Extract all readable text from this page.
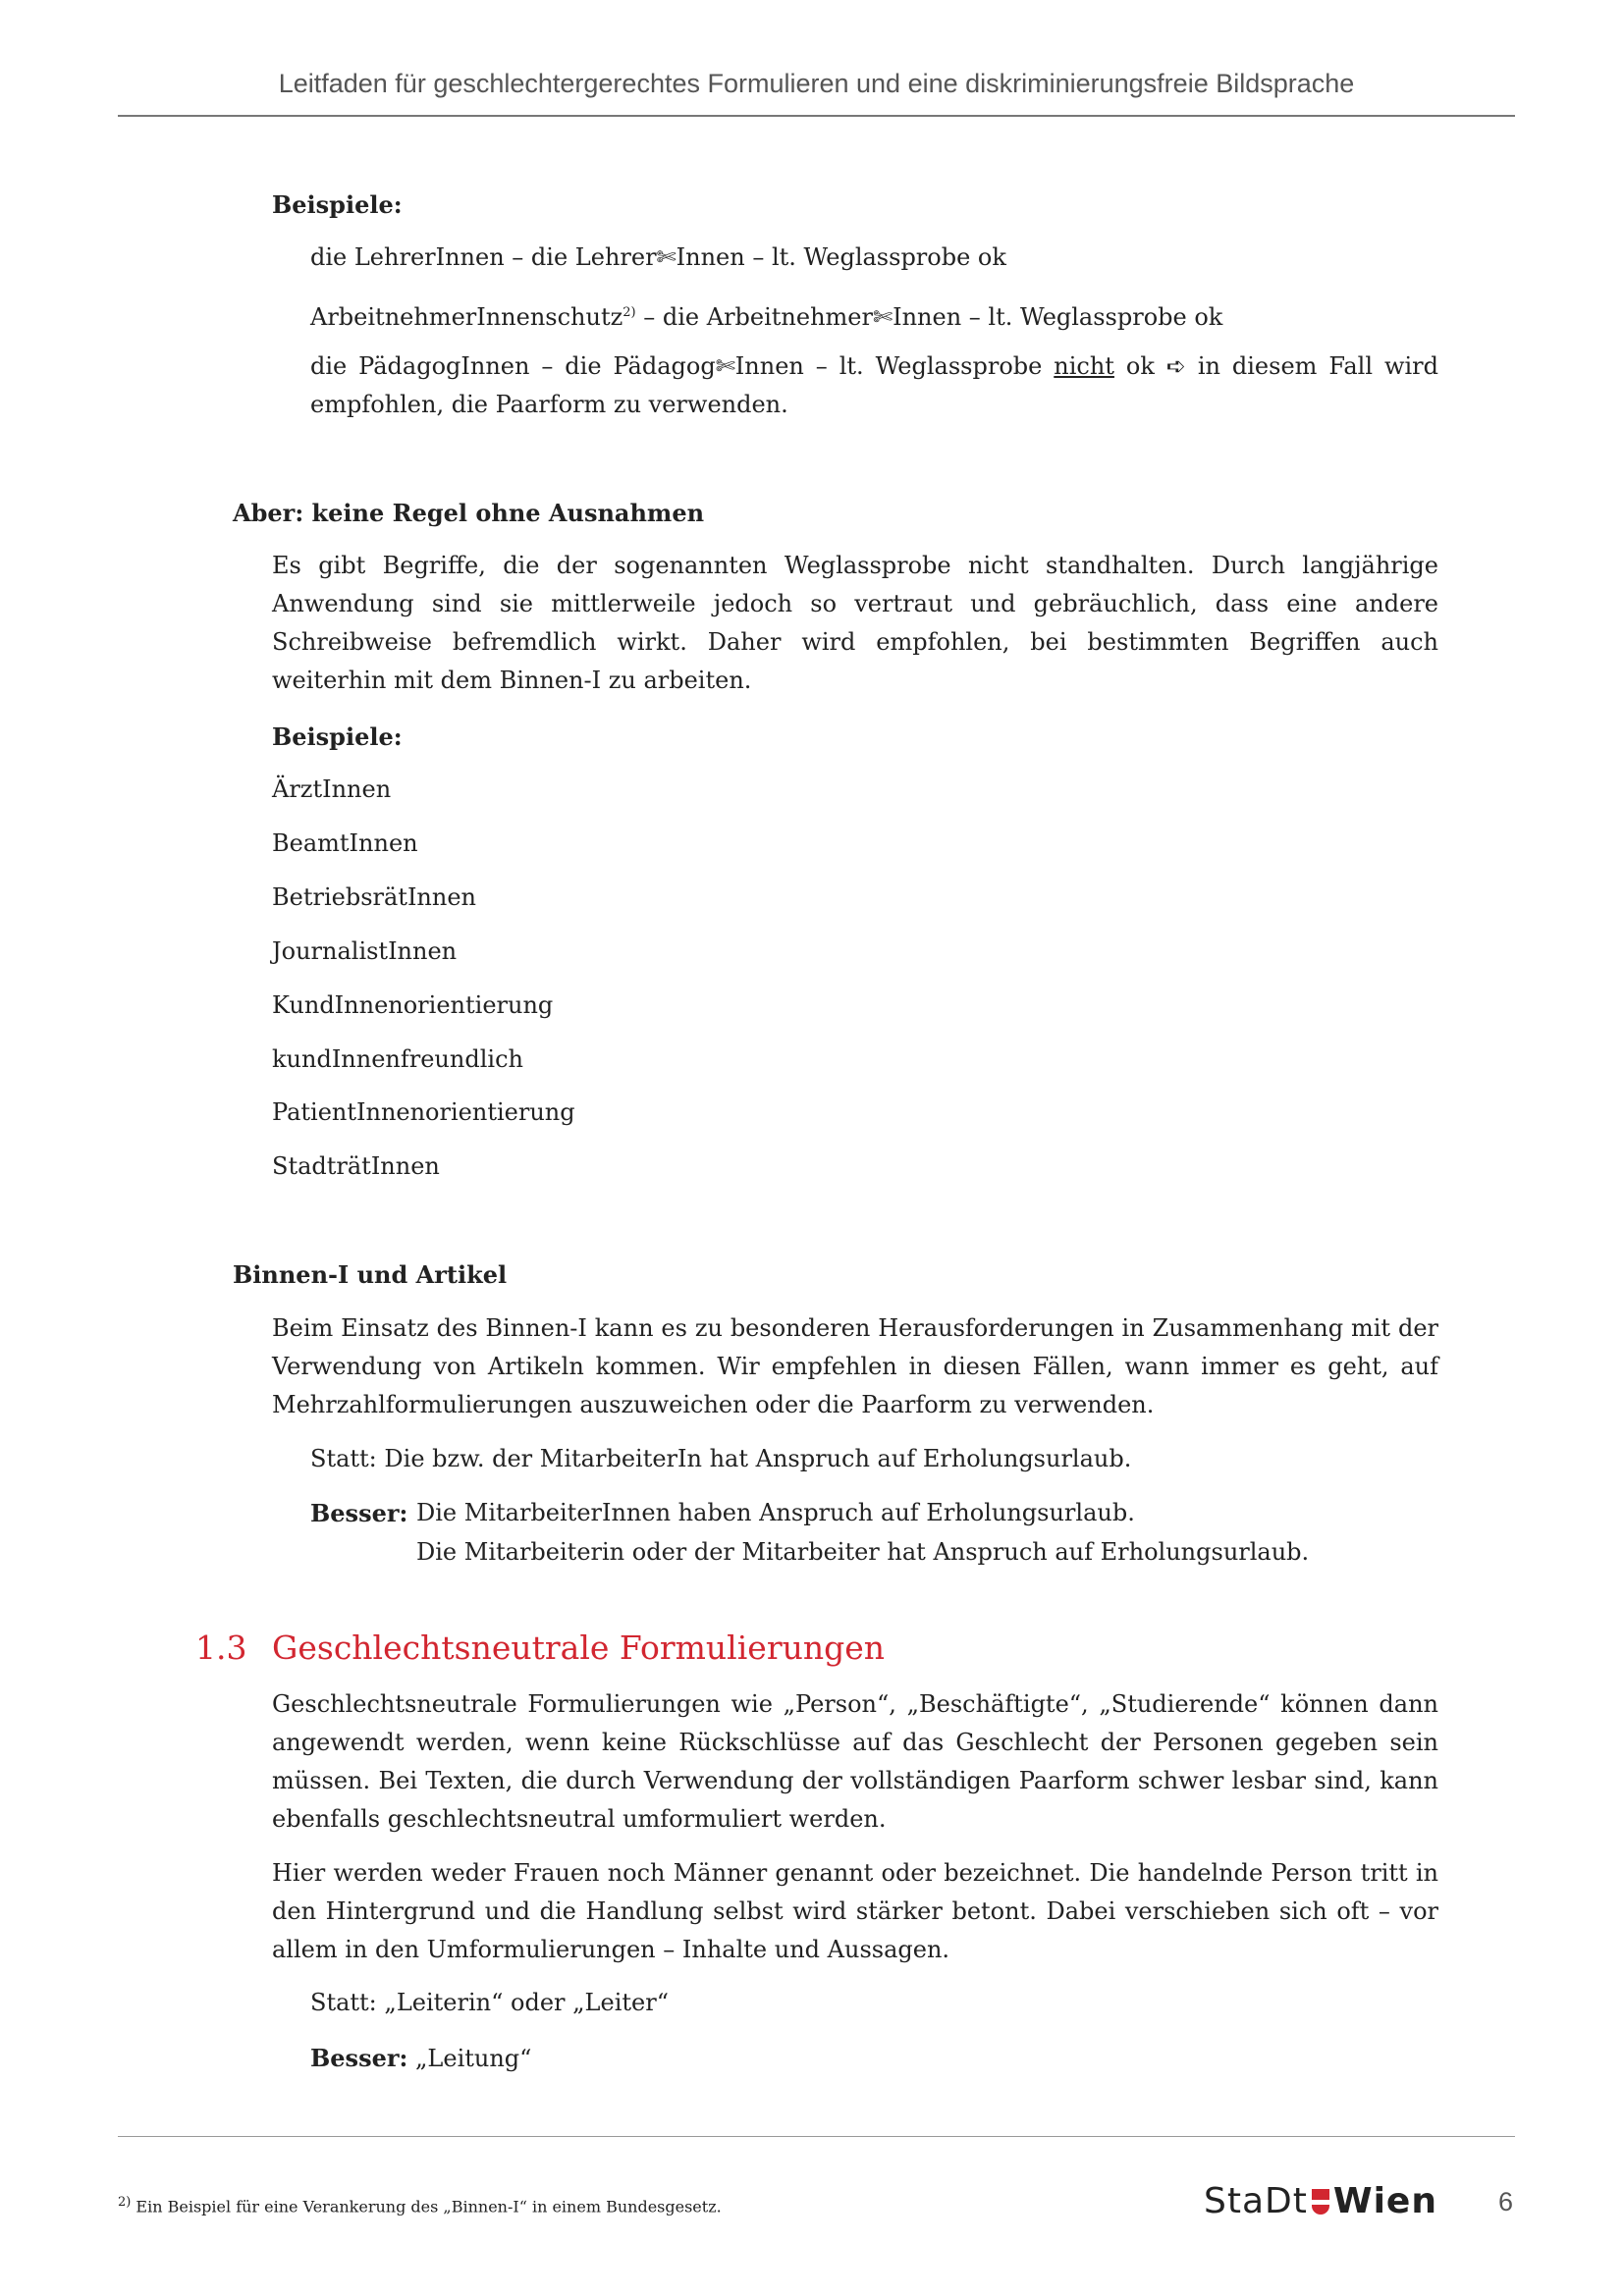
Leitfaden für geschlechtergerechtes Formulieren und eine diskriminierungsfreie Bildsprache
Beispiele:
die LehrerInnen – die Lehrer✄Innen – lt. Weglassprobe ok
ArbeitnehmerInnenschutz$^{2)}$ – die Arbeitnehmer✄Innen – lt. Weglassprobe ok
die PädagogInnen – die Pädagog✄Innen – lt. Weglassprobe nicht ok ➪ in diesem Fall wird empfohlen, die Paarform zu verwenden.
Aber: keine Regel ohne Ausnahmen
Es gibt Begriffe, die der sogenannten Weglassprobe nicht standhalten. Durch langjährige Anwendung sind sie mittlerweile jedoch so vertraut und gebräuchlich, dass eine andere Schreibweise befremdlich wirkt. Daher wird empfohlen, bei bestimmten Begriffen auch weiterhin mit dem Binnen-I zu arbeiten.
Beispiele:
ÄrztInnen
BeamtInnen
BetriebsrätInnen
JournalistInnen
KundInnenorientierung
kundInnenfreundlich
PatientInnenorientierung
StadträtInnen
Binnen-I und Artikel
Beim Einsatz des Binnen-I kann es zu besonderen Herausforderungen in Zusammenhang mit der Verwendung von Artikeln kommen. Wir empfehlen in diesen Fällen, wann immer es geht, auf Mehrzahlformulierungen auszuweichen oder die Paarform zu verwenden.
Statt: Die bzw. der MitarbeiterIn hat Anspruch auf Erholungsurlaub.
Besser: Die MitarbeiterInnen haben Anspruch auf Erholungsurlaub.
Die Mitarbeiterin oder der Mitarbeiter hat Anspruch auf Erholungsurlaub.
1.3 Geschlechtsneutrale Formulierungen
Geschlechtsneutrale Formulierungen wie „Person“, „Beschäftigte“, „Studierende“ können dann angewendt werden, wenn keine Rückschlüsse auf das Geschlecht der Personen gegeben sein müssen. Bei Texten, die durch Verwendung der vollständigen Paarform schwer lesbar sind, kann ebenfalls geschlechtsneutral umformuliert werden.
Hier werden weder Frauen noch Männer genannt oder bezeichnet. Die handelnde Person tritt in den Hintergrund und die Handlung selbst wird stärker betont. Dabei verschieben sich oft – vor allem in den Umformulierungen – Inhalte und Aussagen.
Statt: „Leiterin“ oder „Leiter“
Besser: „Leitung“
$^{2)}$ Ein Beispiel für eine Verankerung des „Binnen-I“ in einem Bundesgesetz.	StaDt Wien 6
